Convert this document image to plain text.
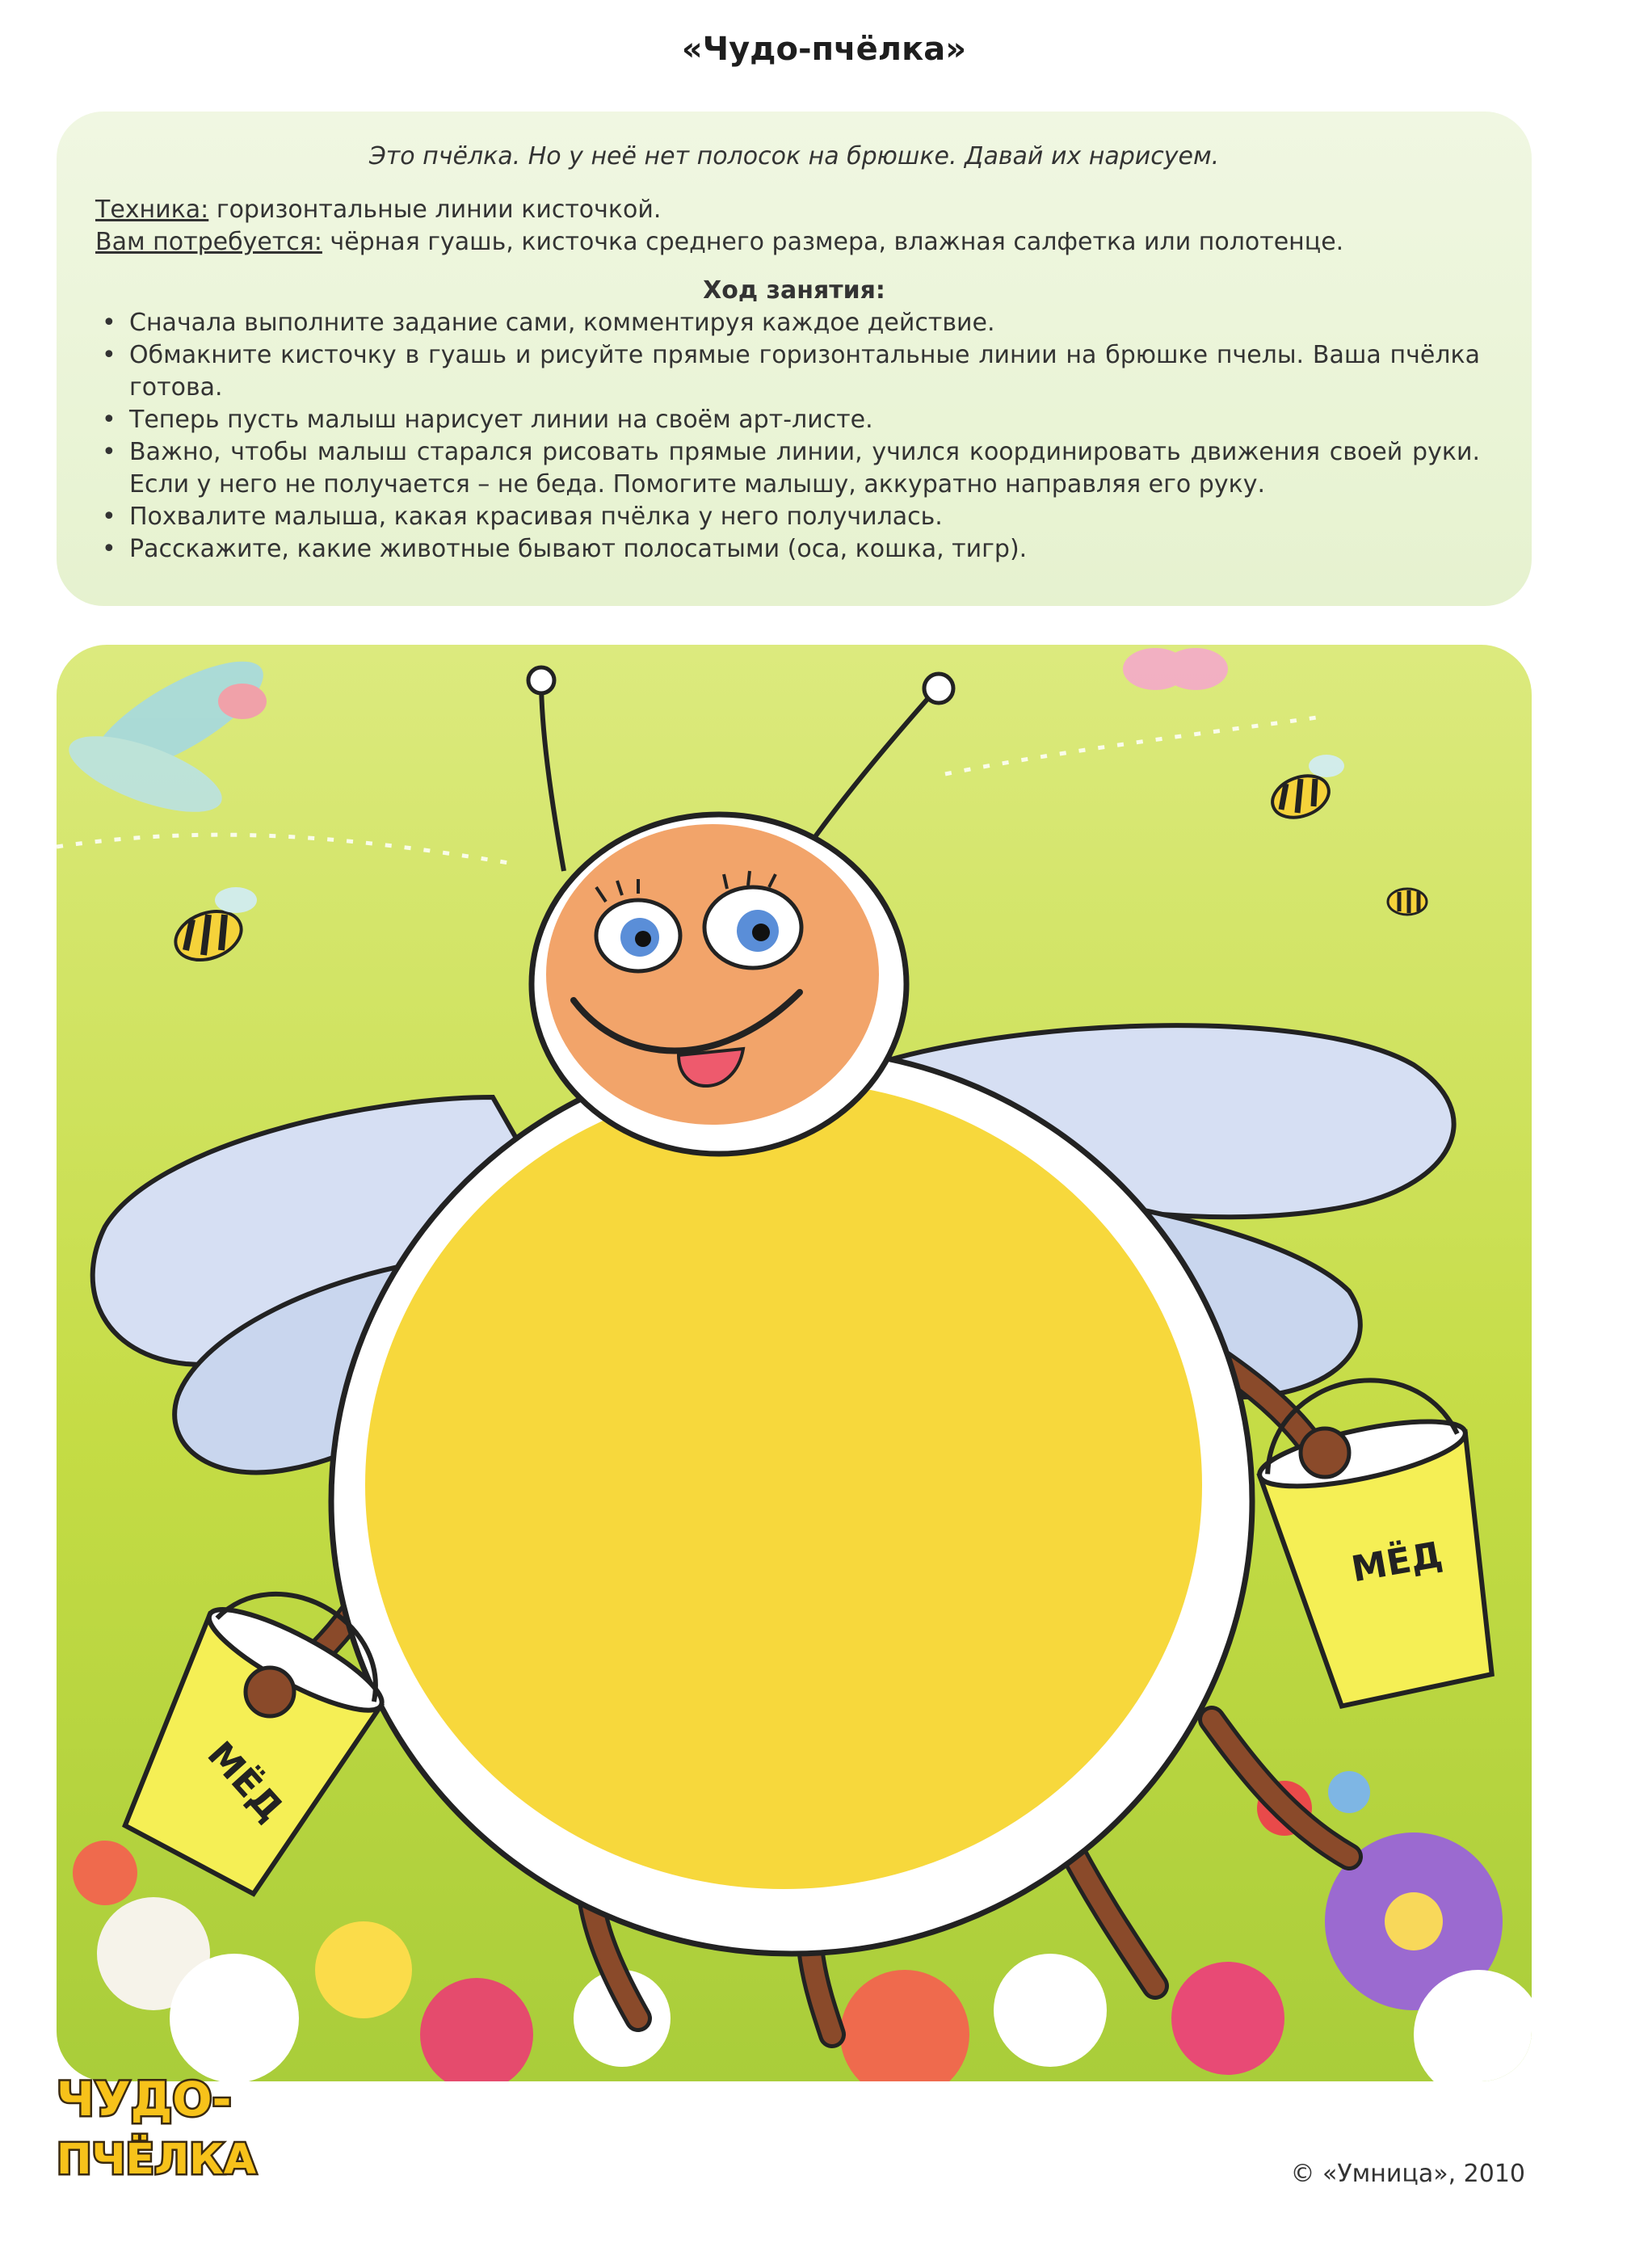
«Чудо-пчёлка»
Это пчёлка. Но у неё нет полосок на брюшке. Давай их нарисуем.
Техника: горизонтальные линии кисточкой.
Вам потребуется: чёрная гуашь, кисточка среднего размера, влажная салфетка или полотенце.
Ход занятия:
• Сначала выполните задание сами, комментируя каждое действие.
• Обмакните кисточку в гуашь и рисуйте прямые горизонтальные линии на брюшке пчелы. Ваша пчёлка готова.
• Теперь пусть малыш нарисует линии на своём арт-листе.
• Важно, чтобы малыш старался рисовать прямые линии, учился координировать движения своей руки. Если у него не получается – не беда. Помогите малышу, аккуратно направляя его руку.
• Похвалите малыша, какая красивая пчёлка у него получилась.
• Расскажите, какие животные бывают полосатыми (оса, кошка, тигр).
МЁД
МЁД
ЧУДО-
ПЧЁЛКА	© «Умница», 2010
